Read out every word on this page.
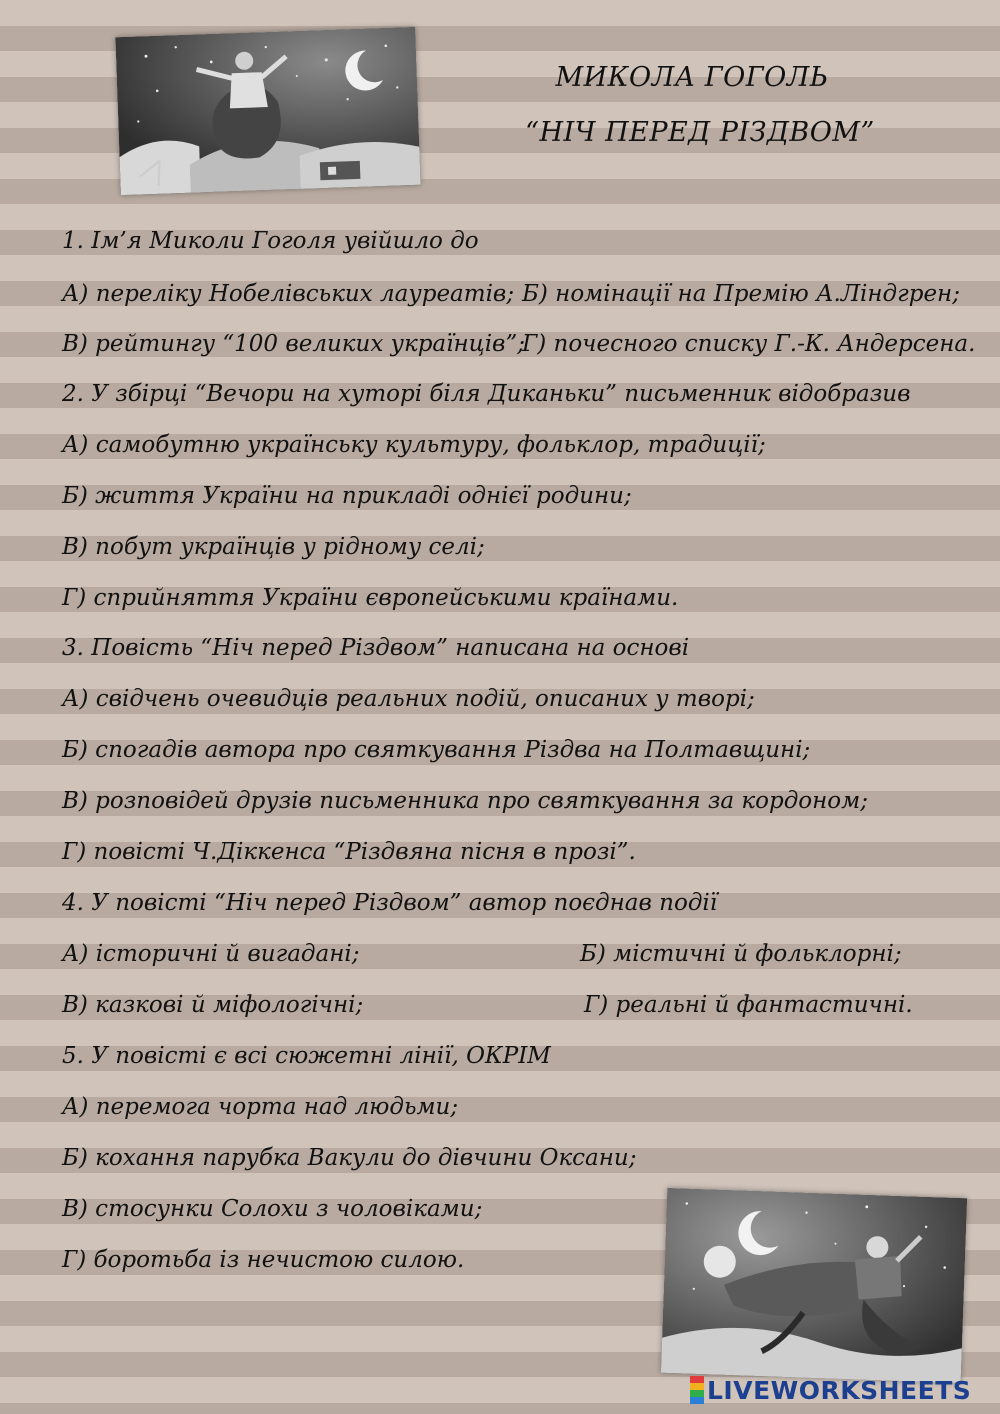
МИКОЛА ГОГОЛЬ
“НІЧ ПЕРЕД РІЗДВОМ”
1. Ім’я Миколи Гоголя увійшло до
А) переліку Нобелівських лауреатів; Б) номінації на Премію А.Ліндгрен;
В) рейтингу “100 великих українців”;
Г) почесного списку Г.-К. Андерсена.
2. У збірці “Вечори на хуторі біля Диканьки” письменник відобразив
А) самобутню українську культуру, фольклор, традиції;
Б) життя України на прикладі однієї родини;
В) побут українців у рідному селі;
Г) сприйняття України європейськими країнами.
3. Повість “Ніч перед Різдвом” написана на основі
А) свідчень очевидців реальних подій, описаних у творі;
Б) спогадів автора про святкування Різдва на Полтавщині;
В) розповідей друзів письменника про святкування за кордоном;
Г) повісті Ч.Діккенса “Різдвяна пісня в прозі”.
4. У повісті “Ніч перед Різдвом” автор поєднав події
А) історичні й вигадані;	Б) містичні й фольклорні;
В) казкові й міфологічні;	Г) реальні й фантастичні.
5. У повісті є всі сюжетні лінії, ОКРІМ
А) перемога чорта над людьми;
Б) кохання парубка Вакули до дівчини Оксани;
В) стосунки Солохи з чоловіками;
Г) боротьба із нечистою силою.
LIVEWORKSHEETS
